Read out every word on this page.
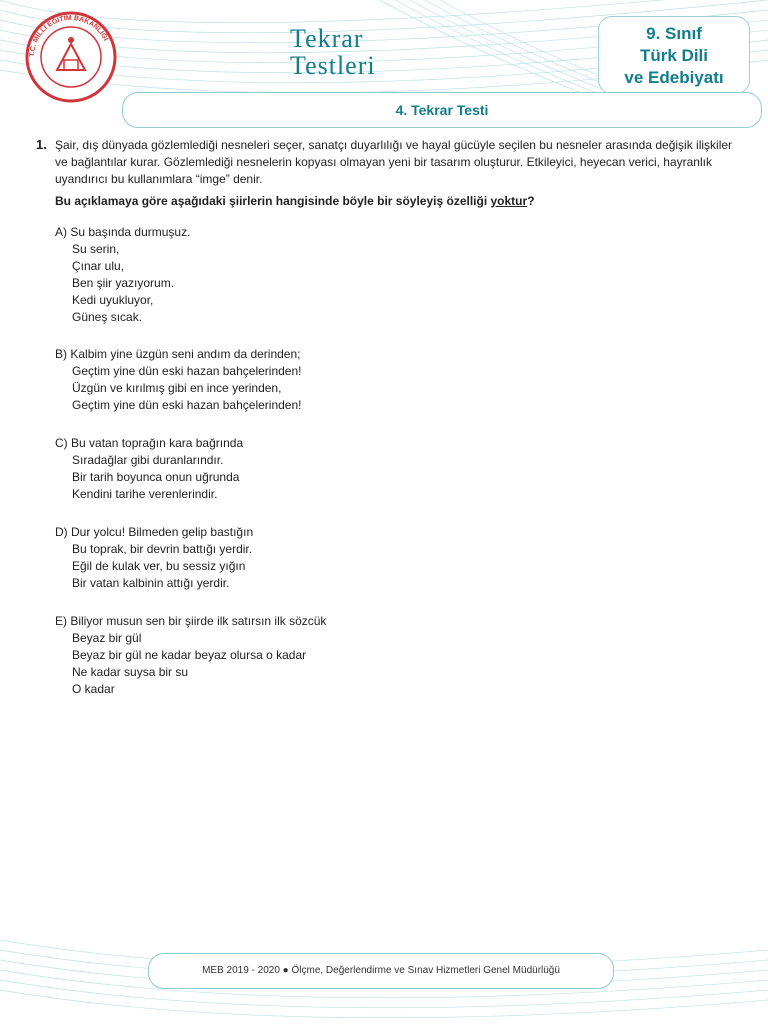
T.C. MİLLÎ EĞİTİM BAKANLIĞI	Tekrar
Testleri
9. Sınıf
Türk Dili
ve Edebiyatı
4. Tekrar Testi
1. Şair, dış dünyada gözlemlediği nesneleri seçer, sanatçı duyarlılığı ve hayal gücüyle seçilen bu nesneler arasında değişik ilişkiler ve bağlantılar kurar. Gözlemlediği nesnelerin kopyası olmayan yeni bir tasarım oluşturur. Etkileyici, heyecan verici, hayranlık uyandırıcı bu kullanımlara “imge” denir.
Bu açıklamaya göre aşağıdaki şiirlerin hangisinde böyle bir söyleyiş özelliği yoktur?
A) Su başında durmuşuz.
Su serin,
Çınar ulu,
Ben şiir yazıyorum.
Kedi uyukluyor,
Güneş sıcak.
B) Kalbim yine üzgün seni andım da derinden;
Geçtim yine dün eski hazan bahçelerinden!
Üzgün ve kırılmış gibi en ince yerinden,
Geçtim yine dün eski hazan bahçelerinden!
C) Bu vatan toprağın kara bağrında
Sıradağlar gibi duranlarındır.
Bir tarih boyunca onun uğrunda
Kendini tarihe verenlerindir.
D) Dur yolcu! Bilmeden gelip bastığın
Bu toprak, bir devrin battığı yerdir.
Eğil de kulak ver, bu sessiz yığın
Bir vatan kalbinin attığı yerdir.
E) Biliyor musun sen bir şiirde ilk satırsın ilk sözcük
Beyaz bir gül
Beyaz bir gül ne kadar beyaz olursa o kadar
Ne kadar suysa bir su
O kadar
MEB 2019 - 2020 ● Ölçme, Değerlendirme ve Sınav Hizmetleri Genel Müdürlüğü
